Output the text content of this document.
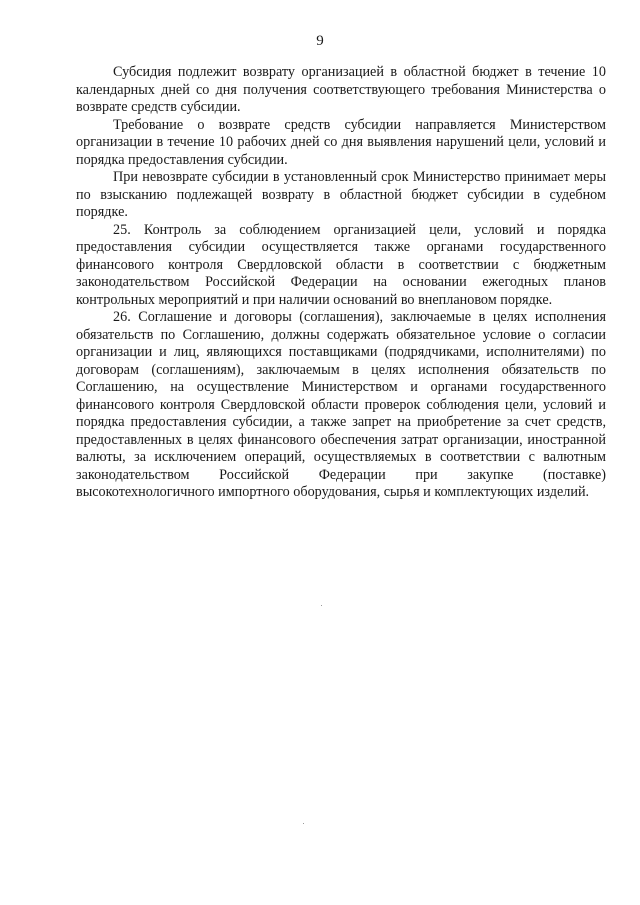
9

Субсидия подлежит возврату организацией в областной бюджет в течение 10 календарных дней со дня получения соответствующего требования Министерства о возврате средств субсидии.

Требование о возврате средств субсидии направляется Министерством организации в течение 10 рабочих дней со дня выявления нарушений цели, условий и порядка предоставления субсидии.

При невозврате субсидии в установленный срок Министерство принимает меры по взысканию подлежащей возврату в областной бюджет субсидии в судебном порядке.

25. Контроль за соблюдением организацией цели, условий и порядка предоставления субсидии осуществляется также органами государственного финансового контроля Свердловской области в соответствии с бюджетным законодательством Российской Федерации на основании ежегодных планов контрольных мероприятий и при наличии оснований во внеплановом порядке.

26. Соглашение и договоры (соглашения), заключаемые в целях исполнения обязательств по Соглашению, должны содержать обязательное условие о согласии организации и лиц, являющихся поставщиками (подрядчиками, исполнителями) по договорам (соглашениям), заключаемым в целях исполнения обязательств по Соглашению, на осуществление Министерством и органами государственного финансового контроля Свердловской области проверок соблюдения цели, условий и порядка предоставления субсидии, а также запрет на приобретение за счет средств, предоставленных в целях финансового обеспечения затрат организации, иностранной валюты, за исключением операций, осуществляемых в соответствии с валютным законодательством Российской Федерации при закупке (поставке) высокотехнологичного импортного оборудования, сырья и комплектующих изделий.
